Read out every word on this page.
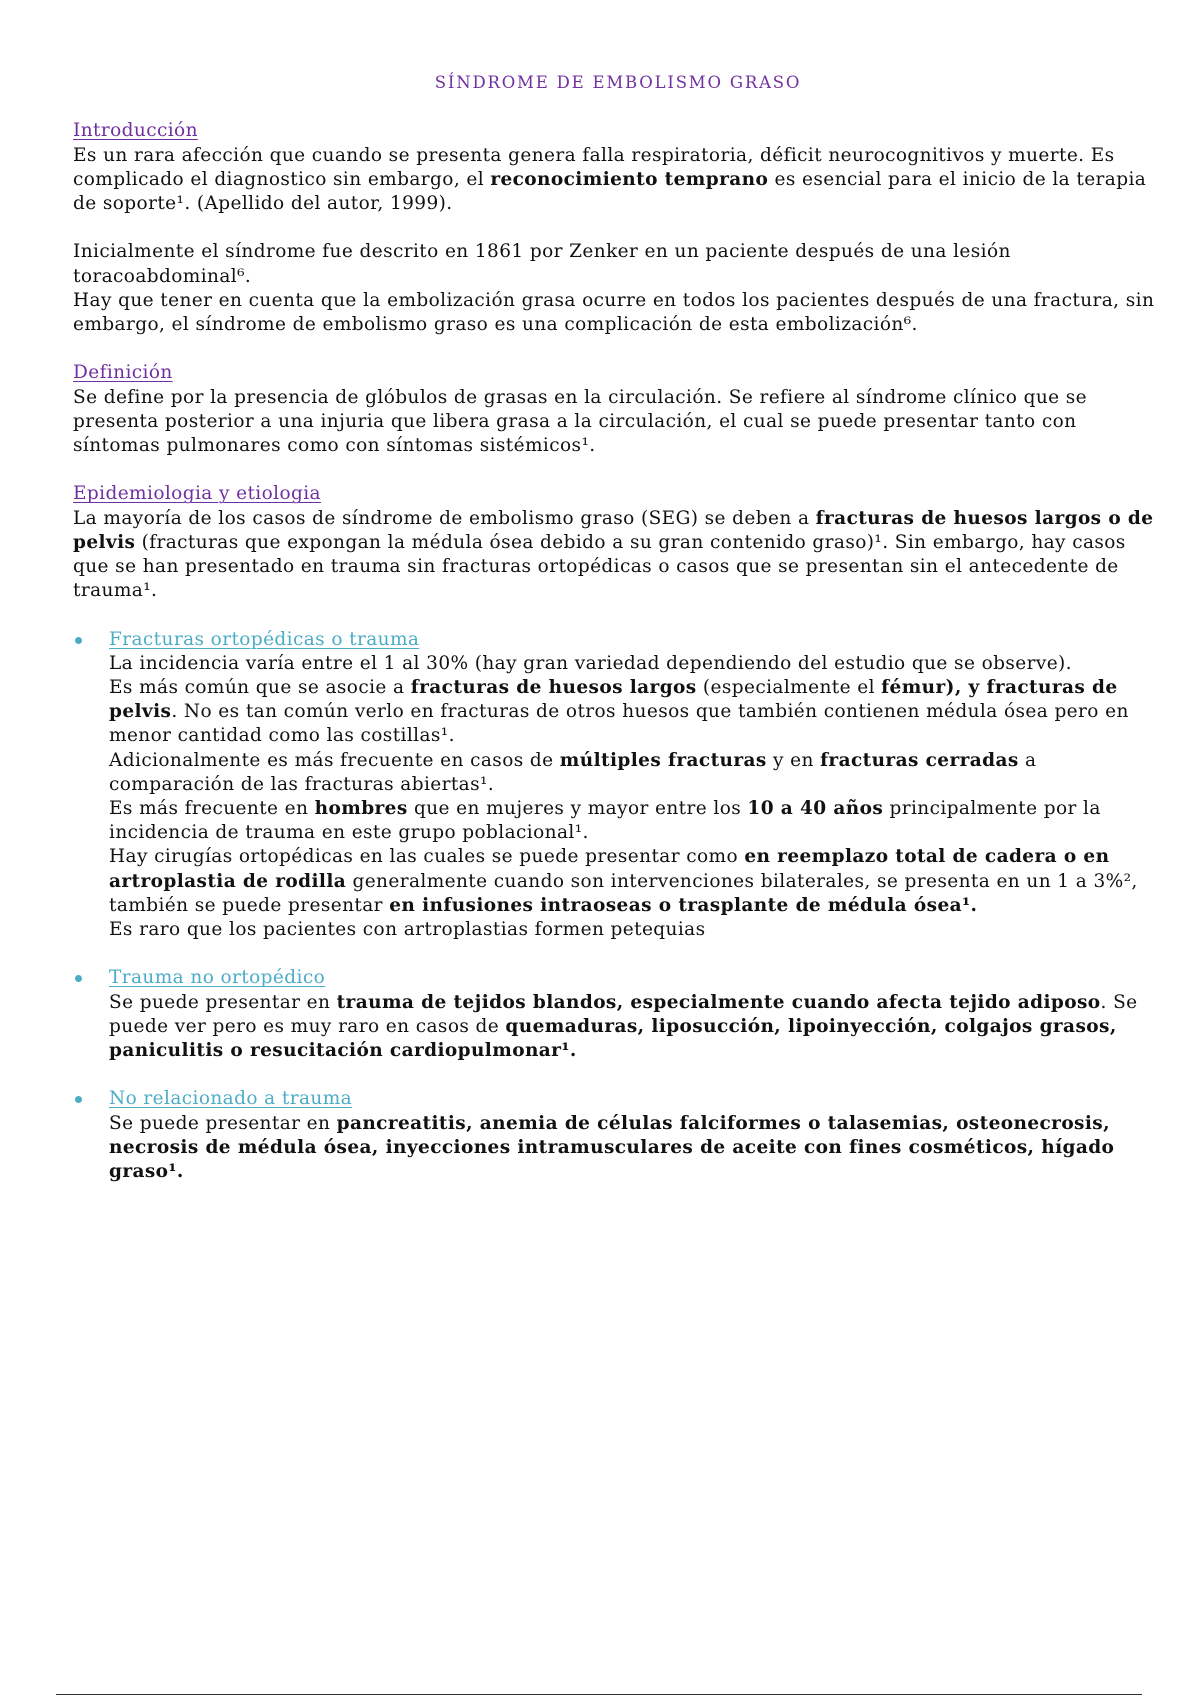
SÍNDROME DE EMBOLISMO GRASO
Introducción

Es un rara afección que cuando se presenta genera falla respiratoria, déficit neurocognitivos y muerte. Es complicado el diagnostico sin embargo, el reconocimiento temprano es esencial para el inicio de la terapia de soporte¹. (Apellido del autor, 1999).

Inicialmente el síndrome fue descrito en 1861 por Zenker en un paciente después de una lesión toracoabdominal⁶.

Hay que tener en cuenta que la embolización grasa ocurre en todos los pacientes después de una fractura, sin embargo, el síndrome de embolismo graso es una complicación de esta embolización⁶.

Definición

Se define por la presencia de glóbulos de grasas en la circulación. Se refiere al síndrome clínico que se presenta posterior a una injuria que libera grasa a la circulación, el cual se puede presentar tanto con síntomas pulmonares como con síntomas sistémicos¹.

Epidemiologia y etiologia

La mayoría de los casos de síndrome de embolismo graso (SEG) se deben a fracturas de huesos largos o de pelvis (fracturas que expongan la médula ósea debido a su gran contenido graso)¹. Sin embargo, hay casos que se han presentado en trauma sin fracturas ortopédicas o casos que se presentan sin el antecedente de trauma¹.

Fracturas ortopédicas o trauma

La incidencia varía entre el 1 al 30% (hay gran variedad dependiendo del estudio que se observe).

Es más común que se asocie a fracturas de huesos largos (especialmente el fémur), y fracturas de pelvis. No es tan común verlo en fracturas de otros huesos que también contienen médula ósea pero en menor cantidad como las costillas¹.

Adicionalmente es más frecuente en casos de múltiples fracturas y en fracturas cerradas a comparación de las fracturas abiertas¹.

Es más frecuente en hombres que en mujeres y mayor entre los 10 a 40 años principalmente por la incidencia de trauma en este grupo poblacional¹.

Hay cirugías ortopédicas en las cuales se puede presentar como en reemplazo total de cadera o en artroplastia de rodilla generalmente cuando son intervenciones bilaterales, se presenta en un 1 a 3%², también se puede presentar en infusiones intraoseas o trasplante de médula ósea¹.

Es raro que los pacientes con artroplastias formen petequias

Trauma no ortopédico

Se puede presentar en trauma de tejidos blandos, especialmente cuando afecta tejido adiposo. Se puede ver pero es muy raro en casos de quemaduras, liposucción, lipoinyección, colgajos grasos, paniculitis o resucitación cardiopulmonar¹.

No relacionado a trauma

Se puede presentar en pancreatitis, anemia de células falciformes o talasemias, osteonecrosis, necrosis de médula ósea, inyecciones intramusculares de aceite con fines cosméticos, hígado graso¹.
